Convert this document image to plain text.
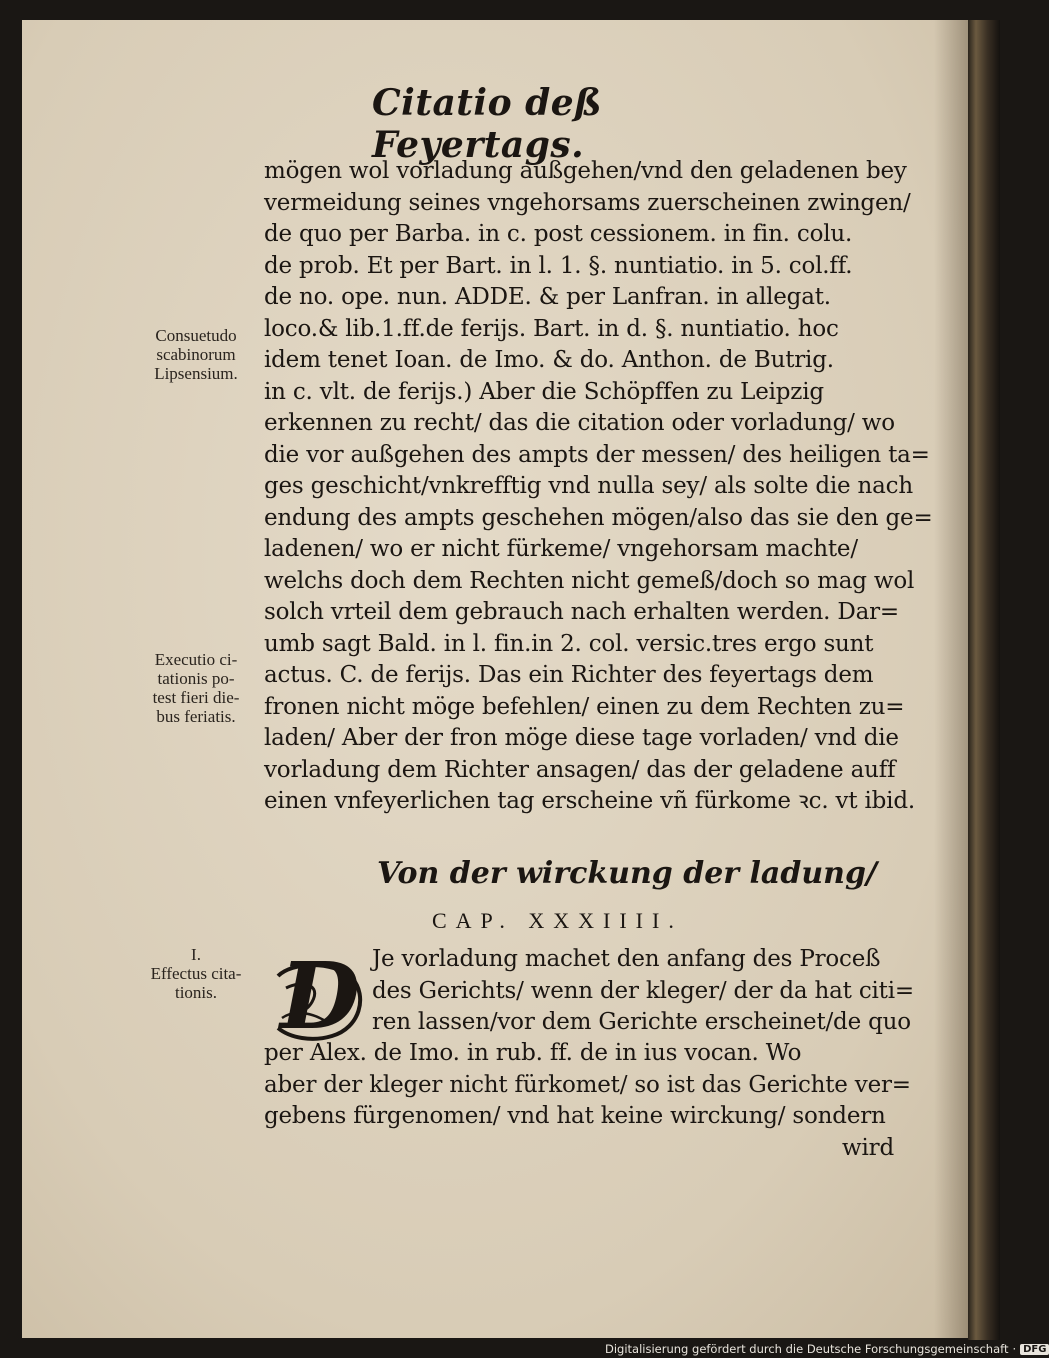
Citatio deß Feyertags.
mögen wol vorladung außgehen/vnd den geladenen bey
vermeidung seines vngehorsams zuerscheinen zwingen/
de quo per Barba. in c. post cessionem. in fin. colu.
de prob. Et per Bart. in l. 1. §. nuntiatio. in 5. col.ff.
de no. ope. nun. ADDE. & per Lanfran. in allegat.
loco.& lib.1.ff.de ferijs. Bart. in d. §. nuntiatio. hoc
idem tenet Ioan. de Imo. & do. Anthon. de Butrig.
in c. vlt. de ferijs.) Aber die Schöpffen zu Leipzig
erkennen zu recht/ das die citation oder vorladung/ wo
die vor außgehen des ampts der messen/ des heiligen ta=
ges geschicht/vnkrefftig vnd nulla sey/ als solte die nach
endung des ampts geschehen mögen/also das sie den ge=
ladenen/ wo er nicht fürkeme/ vngehorsam machte/
welchs doch dem Rechten nicht gemeß/doch so mag wol
solch vrteil dem gebrauch nach erhalten werden. Dar=
umb sagt Bald. in l. fin.in 2. col. versic.tres ergo sunt
actus. C. de ferijs. Das ein Richter des feyertags dem
fronen nicht möge befehlen/ einen zu dem Rechten zu=
laden/ Aber der fron möge diese tage vorladen/ vnd die
vorladung dem Richter ansagen/ das der geladene auff
einen vnfeyerlichen tag erscheine vñ fürkome ꝛc. vt ibid.
Consuetudo
scabinorum
Lipsensium.
Executio ci-
tationis po-
test fieri die-
bus feriatis.
Von der wirckung der ladung/
CAP. XXXIIII.
I.
Effectus cita-
tionis. D Je vorladung machet den anfang des Proceß
des Gerichts/ wenn der kleger/ der da hat citi=
ren lassen/vor dem Gerichte erscheinet/de quo
per Alex. de Imo. in rub. ff. de in ius vocan. Wo
aber der kleger nicht fürkomet/ so ist das Gerichte ver=
gebens fürgenomen/ vnd hat keine wirckung/ sondern
wird
Digitalisierung gefördert durch die Deutsche Forschungsgemeinschaft · DFG
